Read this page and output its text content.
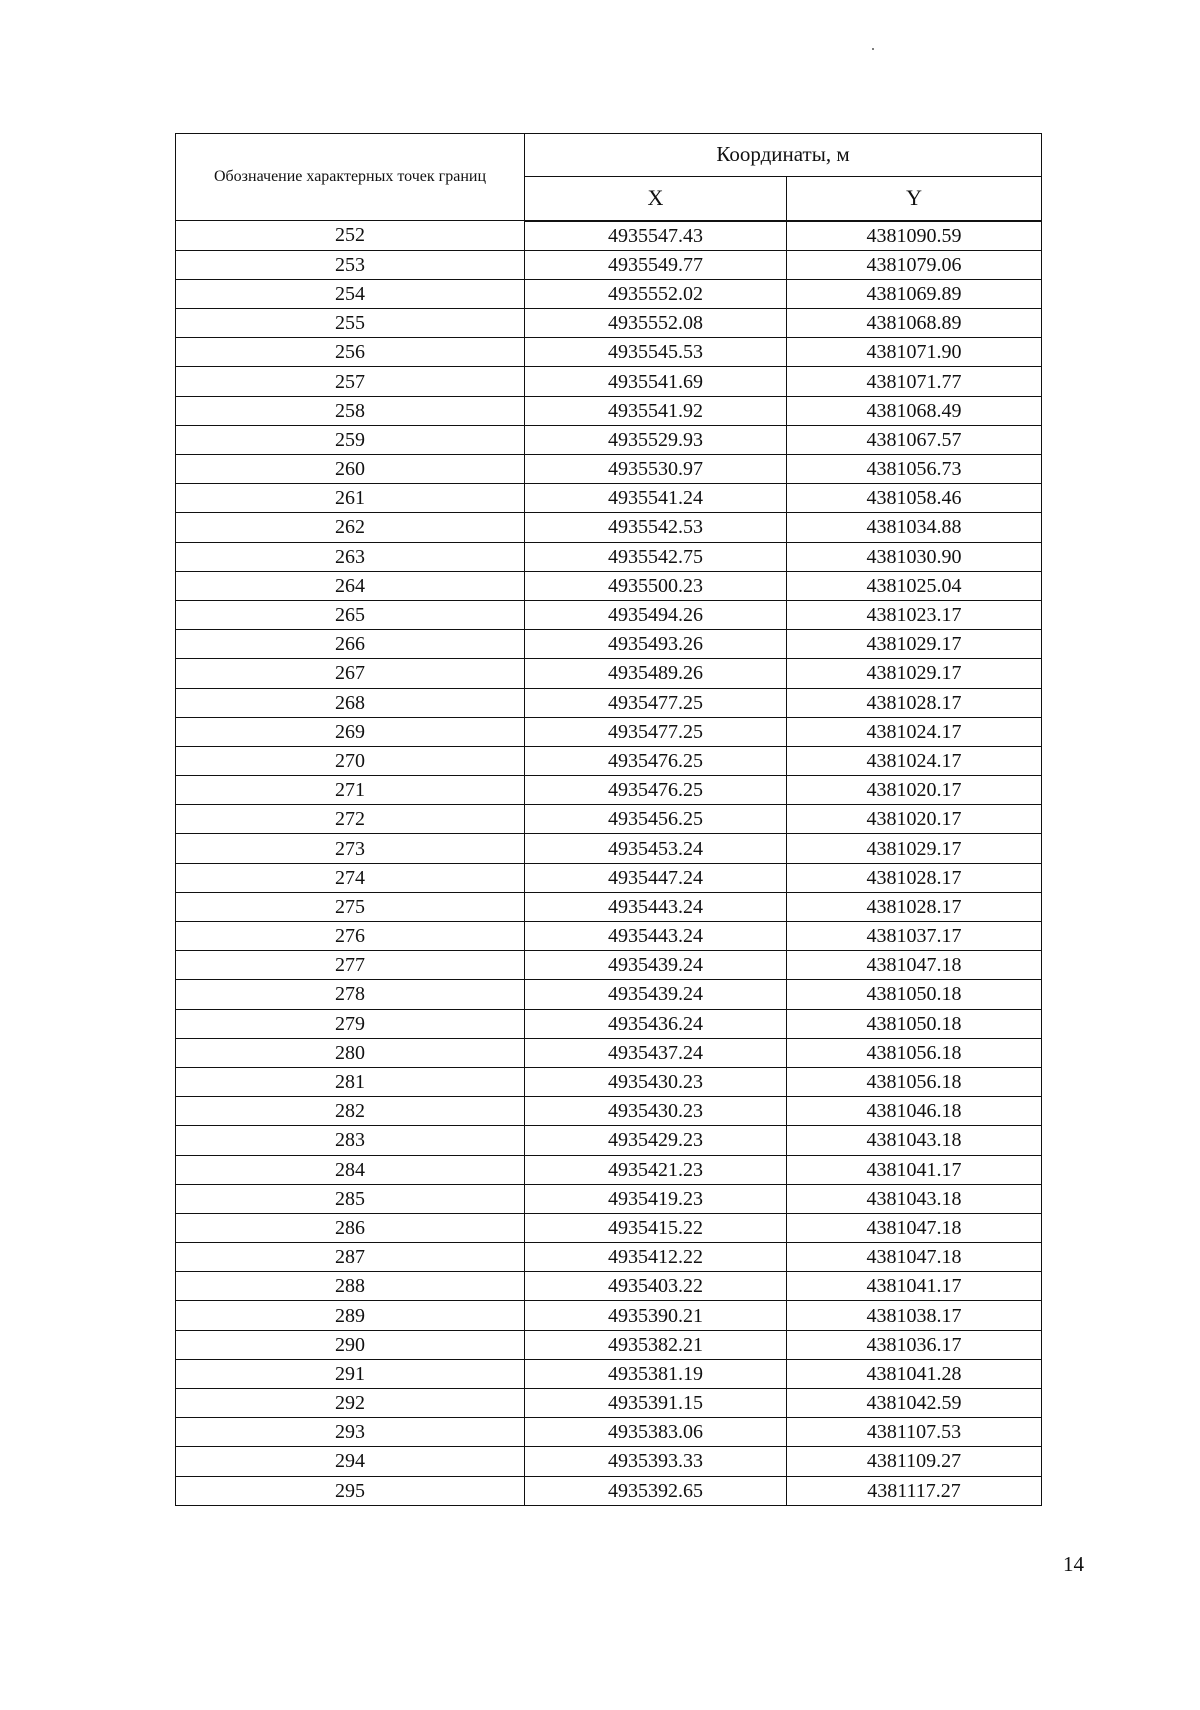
Обозначение характерных точек границ	Координаты, м	
	X	Y
252	4935547.43	4381090.59
253	4935549.77	4381079.06
254	4935552.02	4381069.89
255	4935552.08	4381068.89
256	4935545.53	4381071.90
257	4935541.69	4381071.77
258	4935541.92	4381068.49
259	4935529.93	4381067.57
260	4935530.97	4381056.73
261	4935541.24	4381058.46
262	4935542.53	4381034.88
263	4935542.75	4381030.90
264	4935500.23	4381025.04
265	4935494.26	4381023.17
266	4935493.26	4381029.17
267	4935489.26	4381029.17
268	4935477.25	4381028.17
269	4935477.25	4381024.17
270	4935476.25	4381024.17
271	4935476.25	4381020.17
272	4935456.25	4381020.17
273	4935453.24	4381029.17
274	4935447.24	4381028.17
275	4935443.24	4381028.17
276	4935443.24	4381037.17
277	4935439.24	4381047.18
278	4935439.24	4381050.18
279	4935436.24	4381050.18
280	4935437.24	4381056.18
281	4935430.23	4381056.18
282	4935430.23	4381046.18
283	4935429.23	4381043.18
284	4935421.23	4381041.17
285	4935419.23	4381043.18
286	4935415.22	4381047.18
287	4935412.22	4381047.18
288	4935403.22	4381041.17
289	4935390.21	4381038.17
290	4935382.21	4381036.17
291	4935381.19	4381041.28
292	4935391.15	4381042.59
293	4935383.06	4381107.53
294	4935393.33	4381109.27
295	4935392.65	4381117.27
14
